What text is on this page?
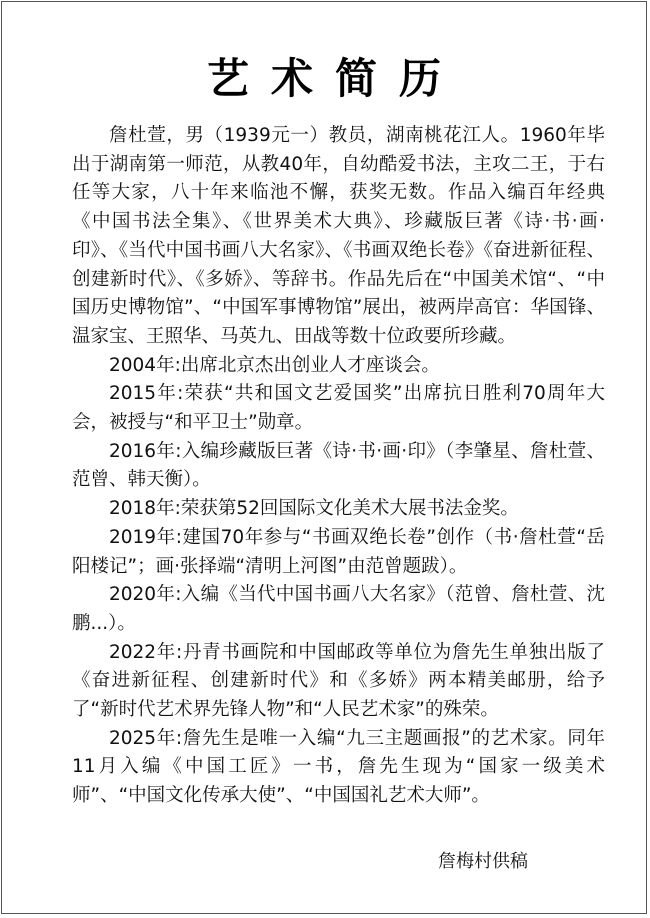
艺术简历

詹杜萱，男（1939元一）教员，湖南桃花江人。1960年毕出于湖南第一师范，从教40年，自幼酷爱书法，主攻二王，于右任等大家，八十年来临池不懈，获奖无数。作品入编百年经典《中国书法全集》、《世界美术大典》、珍藏版巨著《诗·书·画·印》、《当代中国书画八大名家》、《书画双绝长卷》《奋进新征程、创建新时代》、《多娇》、等辞书。作品先后在“中国美术馆“、“中国历史博物馆”、“中国军事博物馆”展出，被两岸高官：华国锋、温家宝、王照华、马英九、田战等数十位政要所珍藏。

2004年:出席北京杰出创业人才座谈会。

2015年:荣获“共和国文艺爱国奖”出席抗日胜利70周年大会，被授与“和平卫士”勋章。

2016年:入编珍藏版巨著《诗·书·画·印》（李肇星、詹杜萱、范曾、韩天衡）。

2018年:荣获第52回国际文化美术大展书法金奖。

2019年:建国70年参与“书画双绝长卷”创作（书·詹杜萱“岳阳楼记”；画·张择端“清明上河图”由范曾题跋）。

2020年:入编《当代中国书画八大名家》（范曾、詹杜萱、沈鹏...）。

2022年:丹青书画院和中国邮政等单位为詹先生单独出版了《奋进新征程、创建新时代》和《多娇》两本精美邮册，给予了“新时代艺术界先锋人物”和“人民艺术家”的殊荣。

2025年:詹先生是唯一入编“九三主题画报”的艺术家。同年11月入编《中国工匠》一书，詹先生现为“国家一级美术师”、“中国文化传承大使”、“中国国礼艺术大师”。

詹梅村供稿
